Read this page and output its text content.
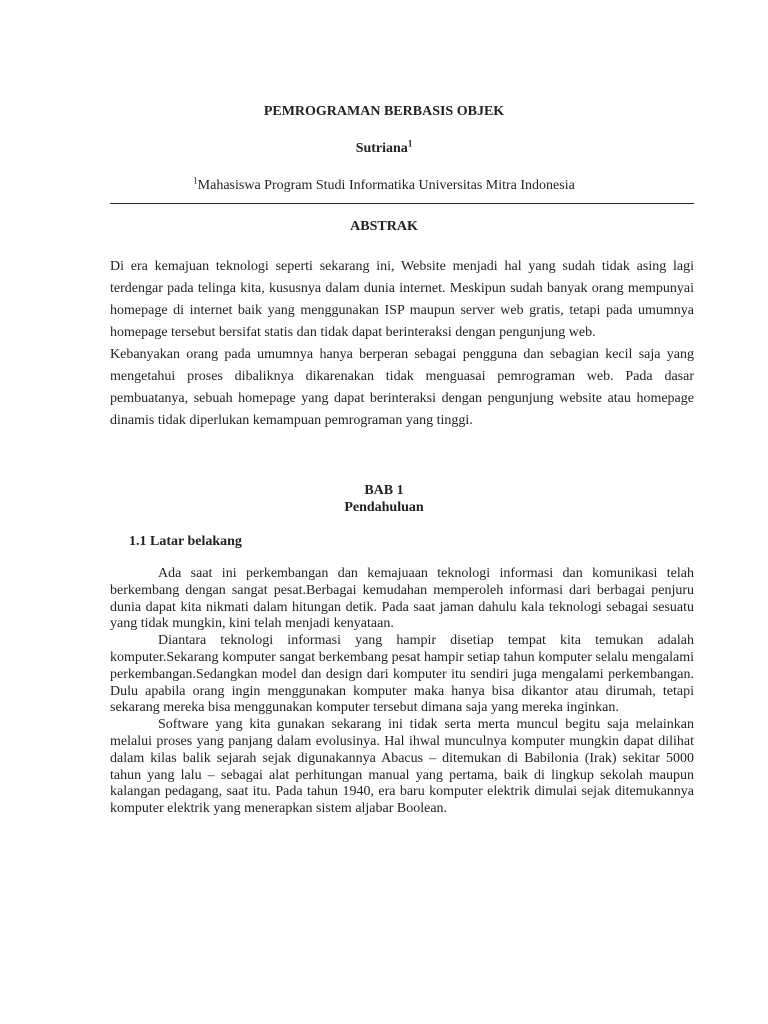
PEMROGRAMAN BERBASIS OBJEK
Sutriana$^1$
$^1$Mahasiswa Program Studi Informatika Universitas Mitra Indonesia
ABSTRAK

Di era kemajuan teknologi seperti sekarang ini, Website menjadi hal yang sudah tidak asing lagi terdengar pada telinga kita, kususnya dalam dunia internet. Meskipun sudah banyak orang mempunyai homepage di internet baik yang menggunakan ISP maupun server web gratis, tetapi pada umumnya homepage tersebut bersifat statis dan tidak dapat berinteraksi dengan pengunjung web.

Kebanyakan orang pada umumnya hanya berperan sebagai pengguna dan sebagian kecil saja yang mengetahui proses dibaliknya dikarenakan tidak menguasai pemrograman web. Pada dasar pembuatanya, sebuah homepage yang dapat berinteraksi dengan pengunjung website atau homepage dinamis tidak diperlukan kemampuan pemrograman yang tinggi.

BAB 1
Pendahuluan
1.1 Latar belakang

Ada saat ini perkembangan dan kemajuaan teknologi informasi dan komunikasi telah berkembang dengan sangat pesat.Berbagai kemudahan memperoleh informasi dari berbagai penjuru dunia dapat kita nikmati dalam hitungan detik. Pada saat jaman dahulu kala teknologi sebagai sesuatu yang tidak mungkin, kini telah menjadi kenyataan.

Diantara teknologi informasi yang hampir disetiap tempat kita temukan adalah komputer.Sekarang komputer sangat berkembang pesat hampir setiap tahun komputer selalu mengalami perkembangan.Sedangkan model dan design dari komputer itu sendiri juga mengalami perkembangan. Dulu apabila orang ingin menggunakan komputer maka hanya bisa dikantor atau dirumah, tetapi sekarang mereka bisa menggunakan komputer tersebut dimana saja yang mereka inginkan.

Software yang kita gunakan sekarang ini tidak serta merta muncul begitu saja melainkan melalui proses yang panjang dalam evolusinya. Hal ihwal munculnya komputer mungkin dapat dilihat dalam kilas balik sejarah sejak digunakannya Abacus – ditemukan di Babilonia (Irak) sekitar 5000 tahun yang lalu – sebagai alat perhitungan manual yang pertama, baik di lingkup sekolah maupun kalangan pedagang, saat itu. Pada tahun 1940, era baru komputer elektrik dimulai sejak ditemukannya komputer elektrik yang menerapkan sistem aljabar Boolean.
